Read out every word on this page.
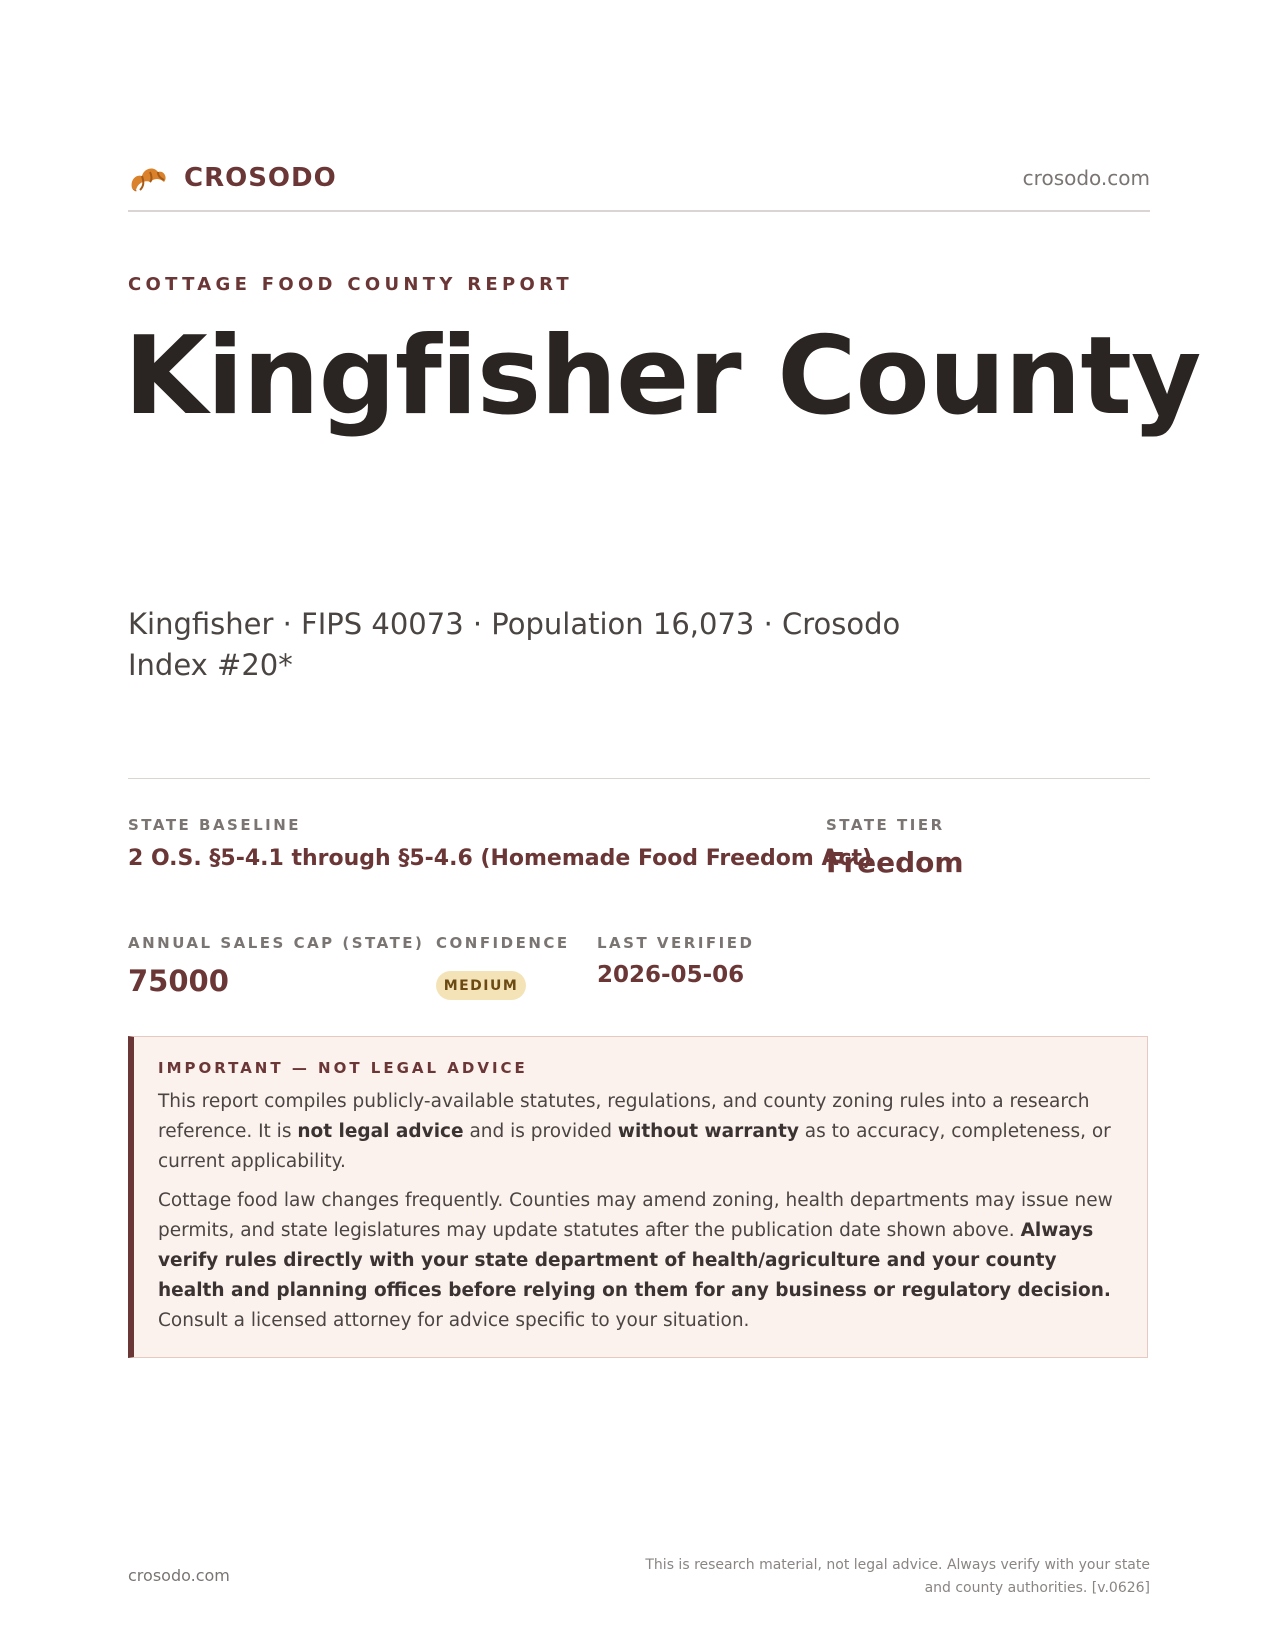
CROSODO	crosodo.com
COTTAGE FOOD COUNTY REPORT
Kingfisher County
Kingfisher · FIPS 40073 · Population 16,073 · Crosodo Index #20*
STATE BASELINE
2 O.S. §5-4.1 through §5-4.6 (Homemade Food Freedom Act)
STATE TIER
Freedom
ANNUAL SALES CAP (STATE)
75000
CONFIDENCE
MEDIUM
LAST VERIFIED
2026-05-06
IMPORTANT — NOT LEGAL ADVICE

This report compiles publicly-available statutes, regulations, and county zoning rules into a research reference. It is not legal advice and is provided without warranty as to accuracy, completeness, or current applicability.

Cottage food law changes frequently. Counties may amend zoning, health departments may issue new permits, and state legislatures may update statutes after the publication date shown above. Always verify rules directly with your state department of health/agriculture and your county health and planning offices before relying on them for any business or regulatory decision. Consult a licensed attorney for advice specific to your situation.

crosodo.com
This is research material, not legal advice. Always verify with your state and county authorities. [v.0626]
